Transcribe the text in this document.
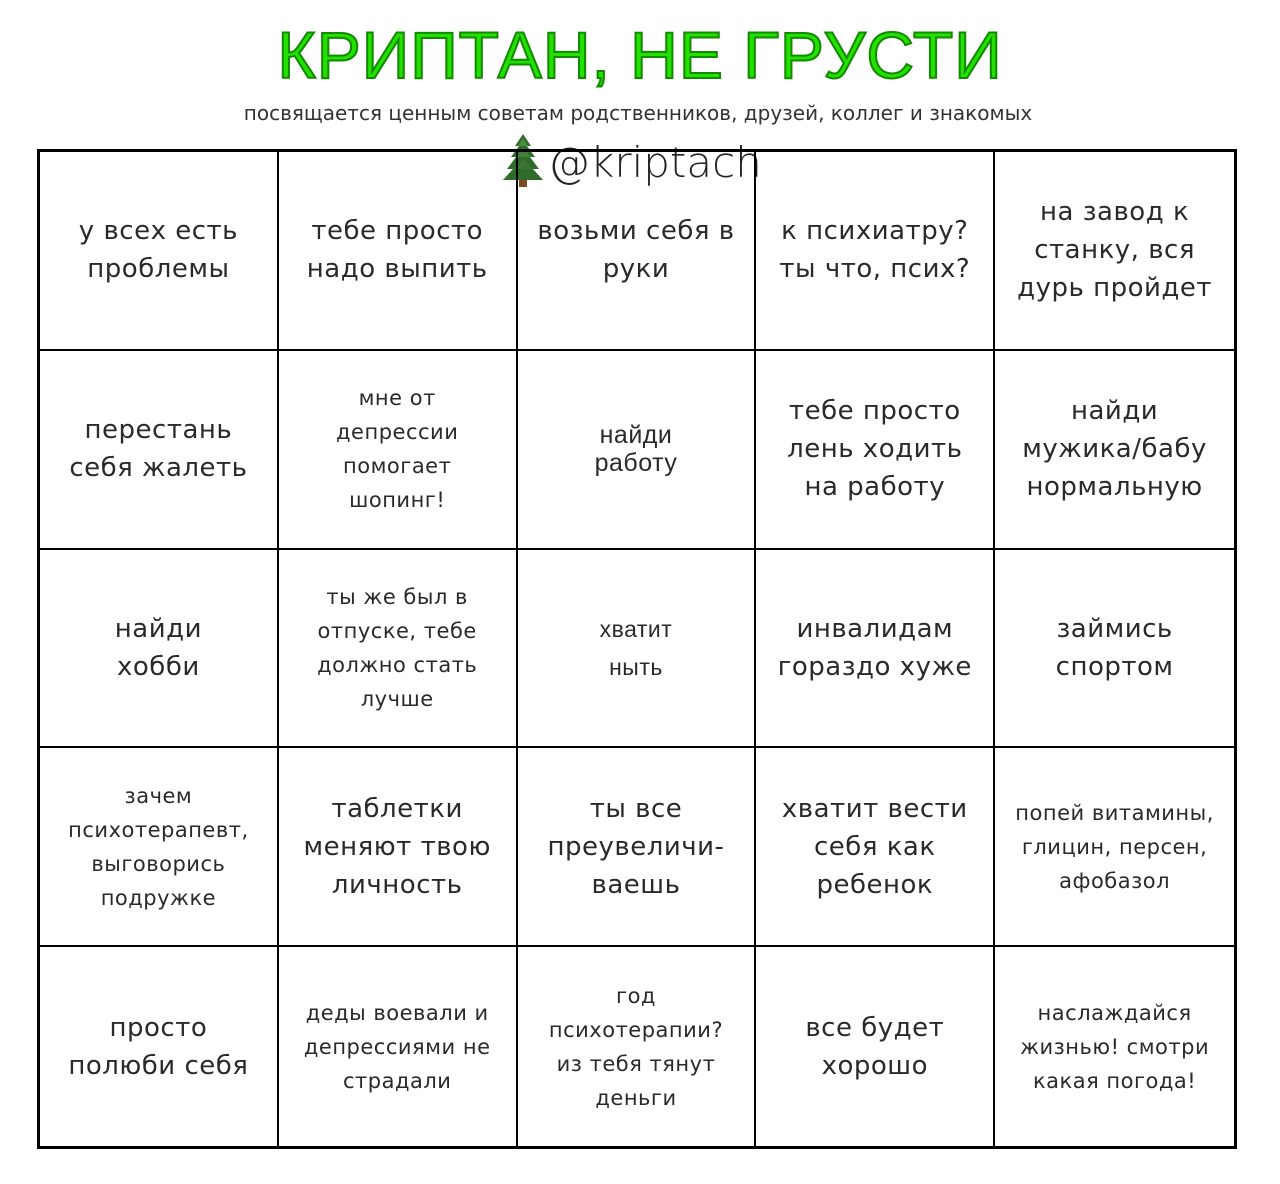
КРИПТАН, НЕ ГРУСТИ
посвящается ценным советам родственников, друзей, коллег и знакомых
@kriptach
у всех есть
проблемы
тебе просто
надо выпить
возьми себя в
руки
к психиатру?
ты что, псих?
на завод к
станку, вся
дурь пройдет
перестань
себя жалеть
мне от
депрессии
помогает
шопинг!
найди
работу
тебе просто
лень ходить
на работу
найди
мужика/бабу
нормальную
найди
хобби
ты же был в
отпуске, тебе
должно стать
лучше
хватит
ныть
инвалидам
гораздо хуже
займись
спортом
зачем
психотерапевт,
выговорись
подружке
таблетки
меняют твою
личность
ты все
преувеличи-
ваешь
хватит вести
себя как
ребенок
попей витамины,
глицин, персен,
афобазол
просто
полюби себя
деды воевали и
депрессиями не
страдали
год
психотерапии?
из тебя тянут
деньги
все будет
хорошо
наслаждайся
жизнью! смотри
какая погода!
